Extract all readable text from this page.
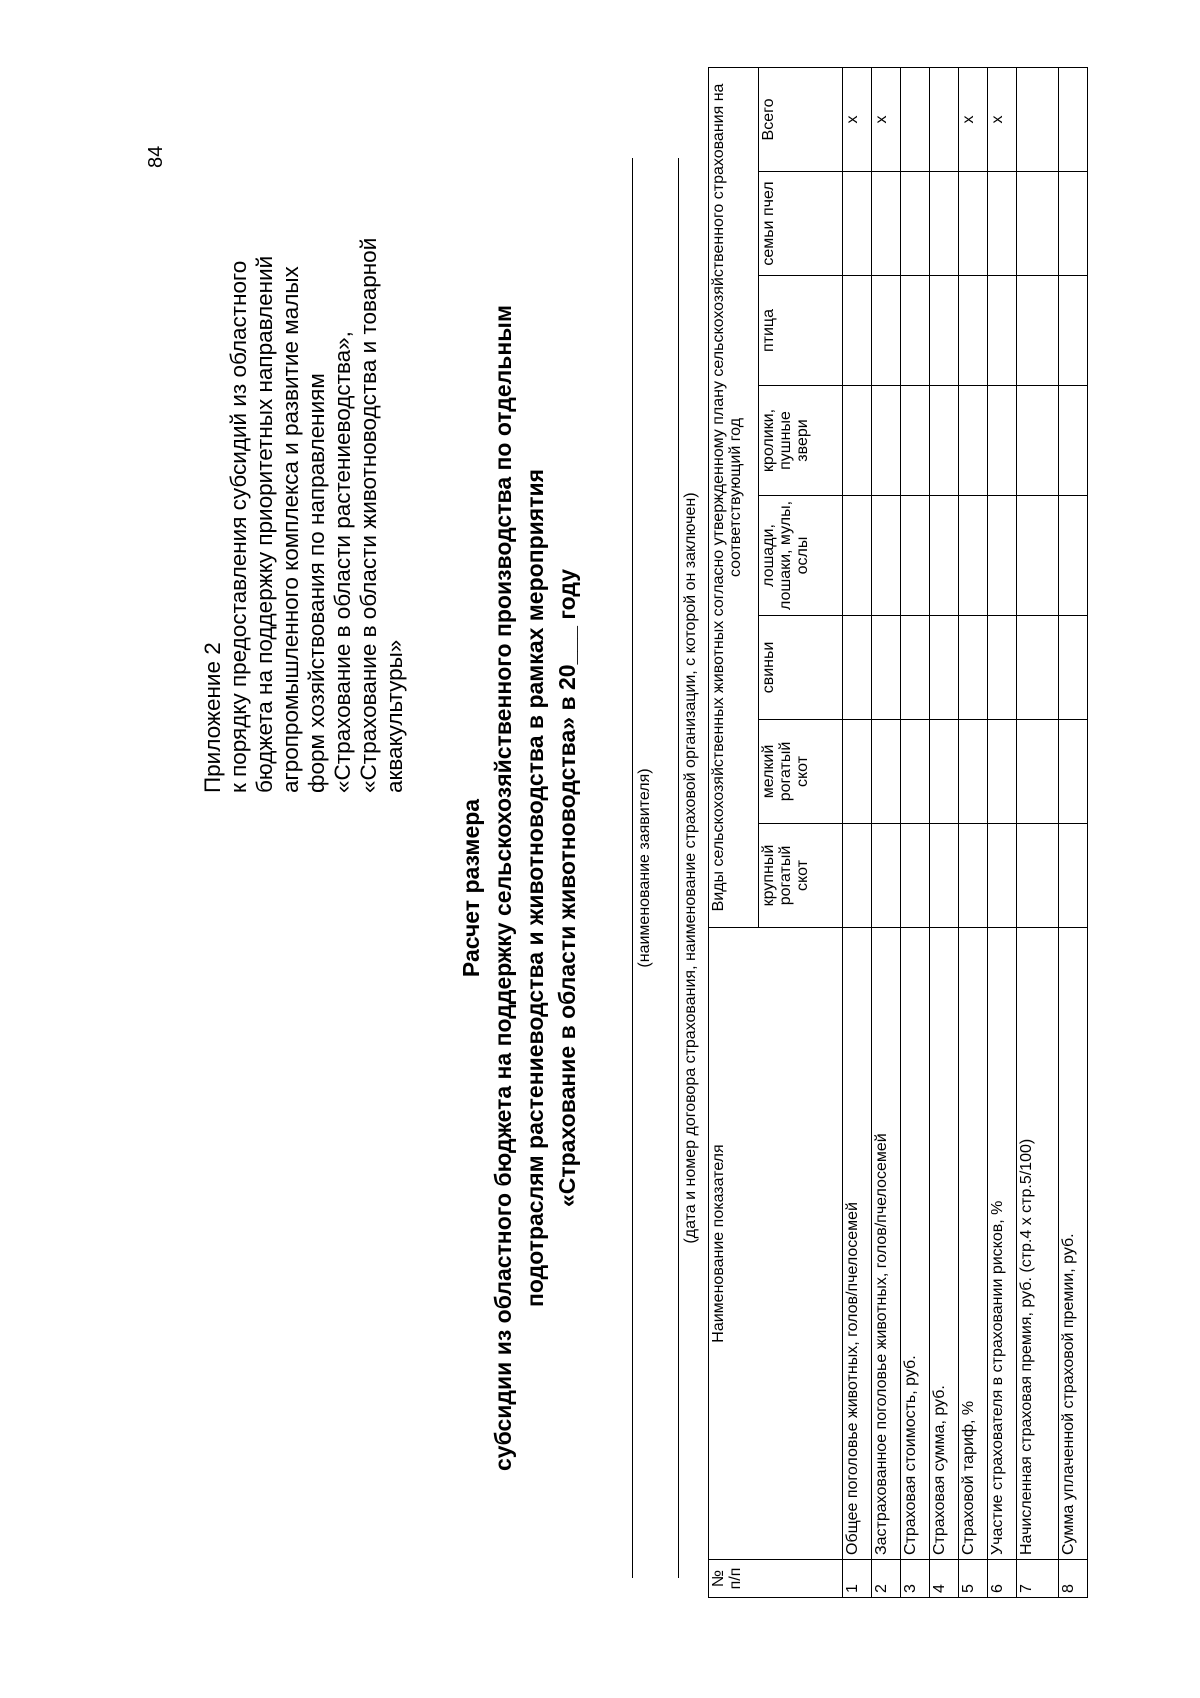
84
Приложение 2 к порядку предоставления субсидий из областного бюджета на поддержку приоритетных направлений агропромышленного комплекса и развитие малых форм хозяйствования по направлениям «Страхование в области растениеводства», «Страхование в области животноводства и товарной аквакультуры»
Расчет размера субсидии из областного бюджета на поддержку сельскохозяйственного производства по отдельным подотраслям растениеводства и животноводства в рамках мероприятия «Страхование в области животноводства» в 20___ году	(наименование заявителя) (дата и номер договора страхования, наименование страховой организации, с которой он заключен)
№ п/п	Наименование показателя	Виды сельскохозяйственных животных согласно утвержденному плану сельскохозяйственного страхования на соответствующий год							
		крупный рогатый скот	мелкий рогатый скот	свиньи	лошади, лошаки, мулы, ослы	кролики, пушные звери	птица	семьи пчел	Всего
1	Общее поголовье животных, голов/пчелосемей								x
2	Застрахованное поголовье животных, голов/пчелосемей								x
3	Страховая стоимость, руб.								
4	Страховая сумма, руб.								
5	Страховой тариф, %								x
6	Участие страхователя в страховании рисков, %								x
7	Начисленная страховая премия, руб. (стр.4 x стр.5/100)								
8	Сумма уплаченной страховой премии, руб.								
